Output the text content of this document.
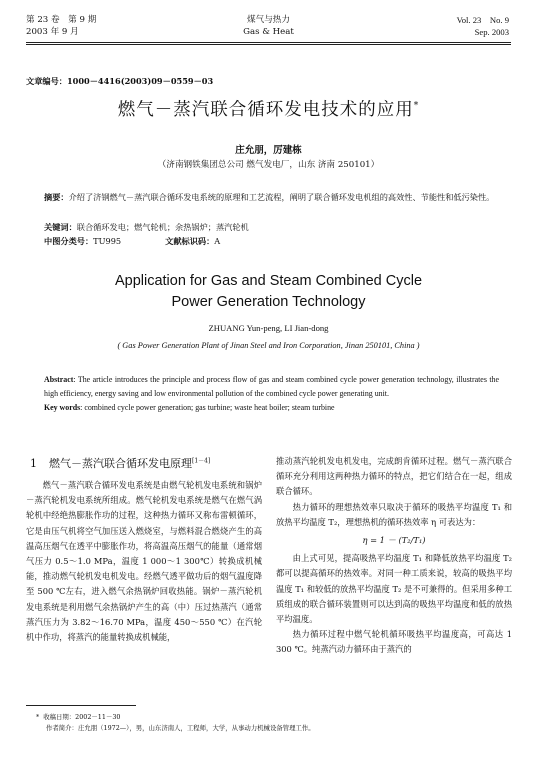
第 23 卷　第 9 期
2003 年 9 月
煤气与热力
Gas & Heat
Vol. 23　No. 9
Sep. 2003
文章编号：1000－4416(2003)09－0559－03
燃气－蒸汽联合循环发电技术的应用*
庄允朋，厉建栋
（济南钢铁集团总公司 燃气发电厂，山东 济南 250101）
摘要：介绍了济钢燃气－蒸汽联合循环发电系统的原理和工艺流程，阐明了联合循环发电机组的高效性、节能性和低污染性。
关键词：联合循环发电；燃气轮机；余热锅炉；蒸汽轮机
中图分类号：TU995	文献标识码：A
Application for Gas and Steam Combined Cycle
Power Generation Technology
ZHUANG Yun-peng, LI Jian-dong
( Gas Power Generation Plant of Jinan Steel and Iron Corporation, Jinan 250101, China )
Abstract: The article introduces the principle and process flow of gas and steam combined cycle power generation technology, illustrates the high efficiency, energy saving and low environmental pollution of the combined cycle power generating unit.
Key words: combined cycle power generation; gas turbine; waste heat boiler; steam turbine
1 燃气－蒸汽联合循环发电原理[1－4]

燃气－蒸汽联合循环发电系统是由燃气轮机发电系统和锅炉－蒸汽轮机发电系统所组成。燃气轮机发电系统是燃气在燃气涡轮机中经绝热膨胀作功的过程，这种热力循环又称布雷顿循环，它是由压气机将空气加压送入燃烧室，与燃料混合燃烧产生的高温高压烟气在透平中膨胀作功，将高温高压烟气的能量（通常烟气压力 0.5～1.0 MPa，温度 1 000～1 300℃）转换成机械能，推动燃气轮机发电机发电。经燃气透平做功后的烟气温度降至 500 ℃左右，进入燃气余热锅炉回收热能。锅炉－蒸汽轮机发电系统是利用燃气余热锅炉产生的高（中）压过热蒸汽（通常蒸汽压力为 3.82～16.70 MPa，温度 450～550 ℃）在汽轮机中作功，将蒸汽的能量转换成机械能，

推动蒸汽轮机发电机发电，完成朗肯循环过程。燃气－蒸汽联合循环充分利用这两种热力循环的特点，把它们结合在一起，组成联合循环。

热力循环的理想热效率只取决于循环的吸热平均温度 T₁ 和放热平均温度 T₂，理想热机的循环热效率 η 可表达为：

η = 1 － (T₂/T₁)

由上式可见，提高吸热平均温度 T₁ 和降低放热平均温度 T₂ 都可以提高循环的热效率。对同一种工质来说，较高的吸热平均温度 T₁ 和较低的放热平均温度 T₂ 是不可兼得的。但采用多种工质组成的联合循环装置则可以达到高的吸热平均温度和低的放热平均温度。

热力循环过程中燃气轮机循环吸热平均温度高，可高达 1 300 ℃。纯蒸汽动力循环由于蒸汽的

* 收稿日期：2002－11－30
作者简介：庄允朋（1972—），男，山东济南人，工程师，大学，从事动力机械设备管理工作。
